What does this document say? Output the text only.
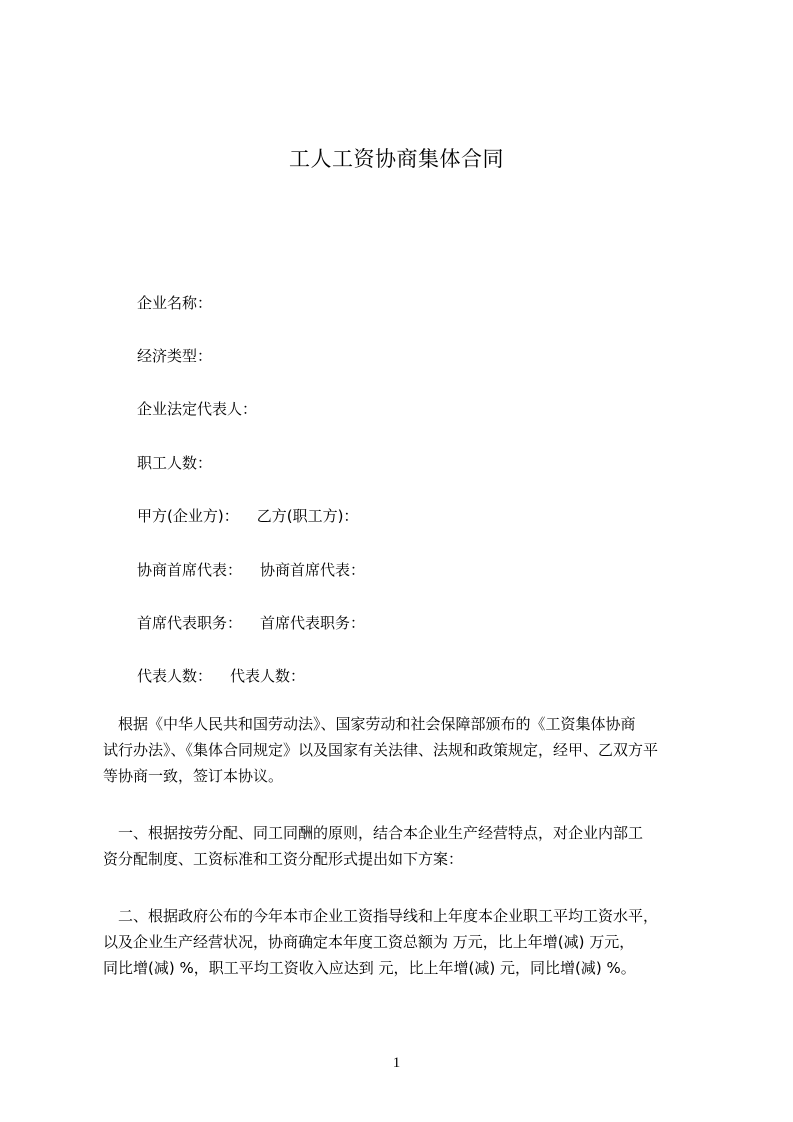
工人工资协商集体合同
企业名称：
经济类型：
企业法定代表人：
职工人数：
甲方(企业方)： 乙方(职工方)：
协商首席代表： 协商首席代表：
首席代表职务： 首席代表职务：
代表人数： 代表人数：
　根据《中华人民共和国劳动法》、国家劳动和社会保障部颁布的《工资集体协商
试行办法》、《集体合同规定》以及国家有关法律、法规和政策规定，经甲、乙双方平
等协商一致，签订本协议。
　一、根据按劳分配、同工同酬的原则，结合本企业生产经营特点，对企业内部工
资分配制度、工资标准和工资分配形式提出如下方案：
　二、根据政府公布的今年本市企业工资指导线和上年度本企业职工平均工资水平，
以及企业生产经营状况，协商确定本年度工资总额为 万元，比上年增(减) 万元，
同比增(减) %，职工平均工资收入应达到 元，比上年增(减) 元，同比增(减) %。
1
